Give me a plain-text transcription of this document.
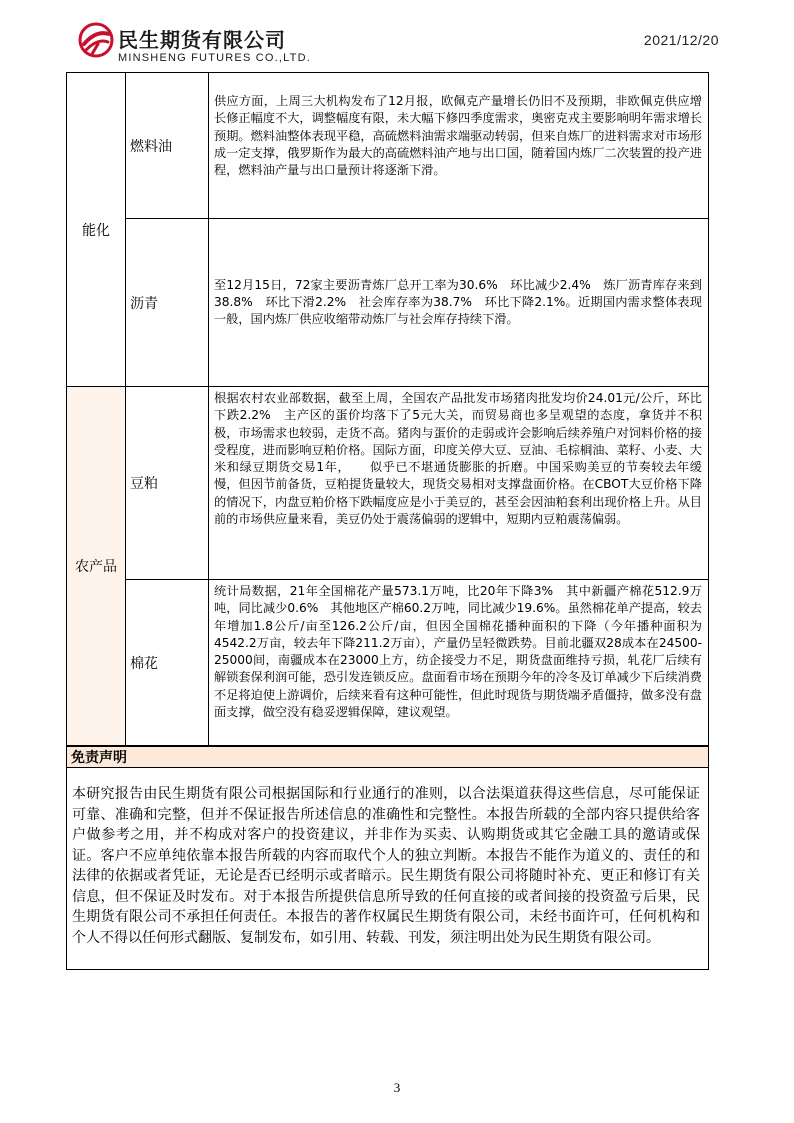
民生期货有限公司
MINSHENG FUTURES CO.,LTD.
2021/12/20
能化	燃料油	供应方面，上周三大机构发布了12月报，欧佩克产量增长仍旧不及预期，非欧佩克供应增长修正幅度不大，调整幅度有限，未大幅下修四季度需求，奥密克戎主要影响明年需求增长预期。燃料油整体表现平稳，高硫燃料油需求端驱动转弱，但来自炼厂的进料需求对市场形成一定支撑，俄罗斯作为最大的高硫燃料油产地与出口国，随着国内炼厂二次装置的投产进程，燃料油产量与出口量预计将逐渐下滑。
	沥青	至12月15日，72家主要沥青炼厂总开工率为30.6%　环比减少2.4%　炼厂沥青库存来到38.8%　环比下滑2.2%　社会库存率为38.7%　环比下降2.1%。近期国内需求整体表现一般，国内炼厂供应收缩带动炼厂与社会库存持续下滑。
农产品	豆粕	根据农村农业部数据，截至上周，全国农产品批发市场猪肉批发均价24.01元/公斤，环比下跌2.2%　主产区的蛋价均落下了5元大关，而贸易商也多呈观望的态度，拿货并不积极，市场需求也较弱，走货不高。猪肉与蛋价的走弱或许会影响后续养殖户对饲料价格的接受程度，进而影响豆粕价格。国际方面，印度关停大豆、豆油、毛棕榈油、菜籽、小麦、大米和绿豆期货交易1年，　　似乎已不堪通货膨胀的折磨。中国采购美豆的节奏较去年缓慢，但因节前备货，豆粕提货量较大，现货交易相对支撑盘面价格。在CBOT大豆价格下降的情况下，内盘豆粕价格下跌幅度应是小于美豆的，甚至会因油粕套利出现价格上升。从目前的市场供应量来看，美豆仍处于震荡偏弱的逻辑中，短期内豆粕震荡偏弱。
	棉花	统计局数据，21年全国棉花产量573.1万吨，比20年下降3%　其中新疆产棉花512.9万吨，同比减少0.6%　其他地区产棉60.2万吨，同比减少19.6%。虽然棉花单产提高，较去年增加1.8公斤/亩至126.2公斤/亩，但因全国棉花播种面积的下降（今年播种面积为4542.2万亩，较去年下降211.2万亩），产量仍呈轻微跌势。目前北疆双28成本在24500-25000间，南疆成本在23000上方，纺企接受力不足，期货盘面维持亏损，轧花厂后续有解锁套保利润可能，恐引发连锁反应。盘面看市场在预期今年的冷冬及订单减少下后续消费不足将迫使上游调价，后续来看有这种可能性，但此时现货与期货端矛盾僵持，做多没有盘面支撑，做空没有稳妥逻辑保障，建议观望。
免责声明
本研究报告由民生期货有限公司根据国际和行业通行的准则，以合法渠道获得这些信息，尽可能保证可靠、准确和完整，但并不保证报告所述信息的准确性和完整性。本报告所载的全部内容只提供给客户做参考之用，并不构成对客户的投资建议，并非作为买卖、认购期货或其它金融工具的邀请或保证。客户不应单纯依靠本报告所载的内容而取代个人的独立判断。本报告不能作为道义的、责任的和法律的依据或者凭证，无论是否已经明示或者暗示。民生期货有限公司将随时补充、更正和修订有关信息，但不保证及时发布。对于本报告所提供信息所导致的任何直接的或者间接的投资盈亏后果，民生期货有限公司不承担任何责任。本报告的著作权属民生期货有限公司，未经书面许可，任何机构和个人不得以任何形式翻版、复制发布，如引用、转载、刊发，须注明出处为民生期货有限公司。
3
